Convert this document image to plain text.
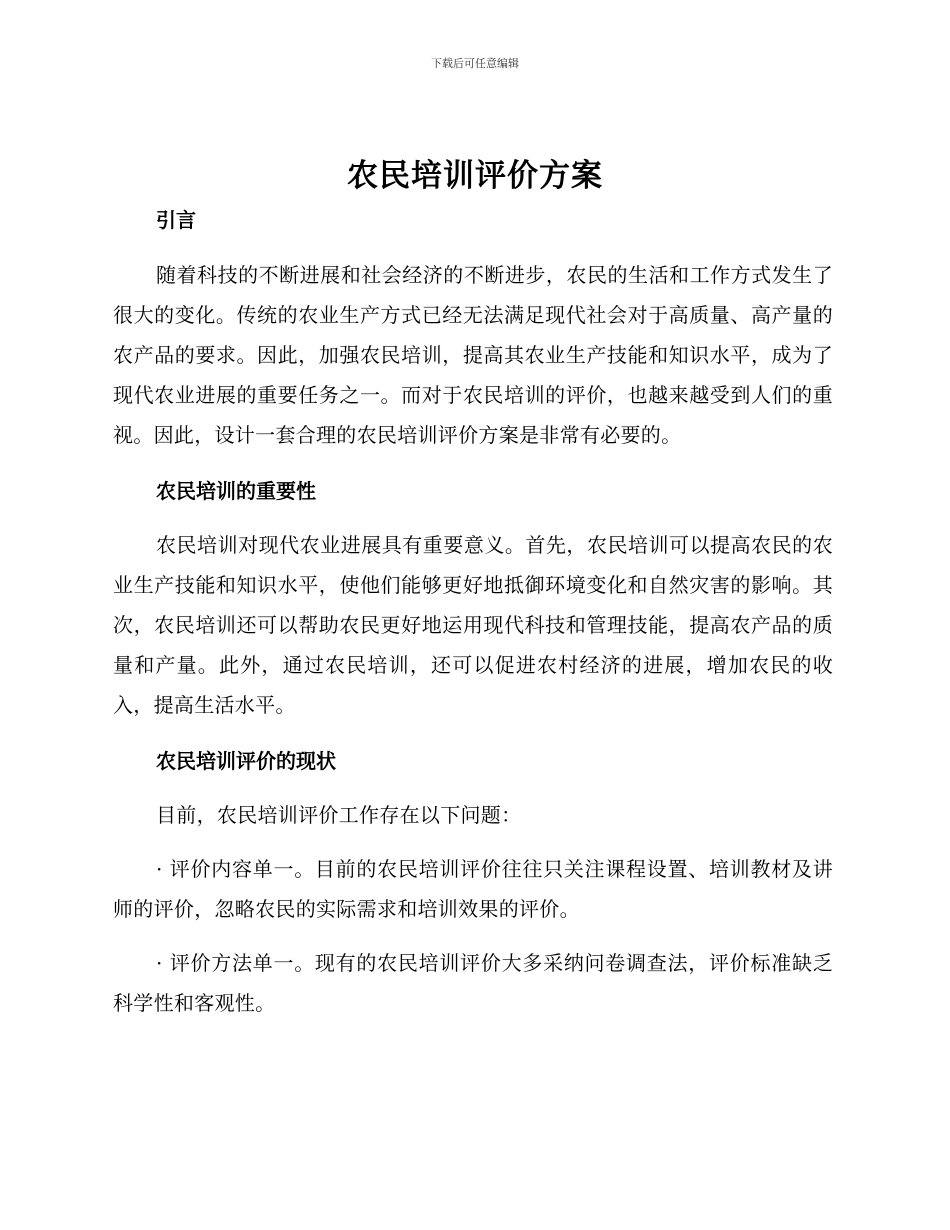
下载后可任意编辑
农民培训评价方案

引言

随着科技的不断进展和社会经济的不断进步，农民的生活和工作方式发生了很大的变化。传统的农业生产方式已经无法满足现代社会对于高质量、高产量的农产品的要求。因此，加强农民培训，提高其农业生产技能和知识水平，成为了现代农业进展的重要任务之一。而对于农民培训的评价，也越来越受到人们的重视。因此，设计一套合理的农民培训评价方案是非常有必要的。

农民培训的重要性

农民培训对现代农业进展具有重要意义。首先，农民培训可以提高农民的农业生产技能和知识水平，使他们能够更好地抵御环境变化和自然灾害的影响。其次，农民培训还可以帮助农民更好地运用现代科技和管理技能，提高农产品的质量和产量。此外，通过农民培训，还可以促进农村经济的进展，增加农民的收入，提高生活水平。

农民培训评价的现状

目前，农民培训评价工作存在以下问题：

· 评价内容单一。目前的农民培训评价往往只关注课程设置、培训教材及讲师的评价，忽略农民的实际需求和培训效果的评价。

· 评价方法单一。现有的农民培训评价大多采纳问卷调查法，评价标准缺乏科学性和客观性。
